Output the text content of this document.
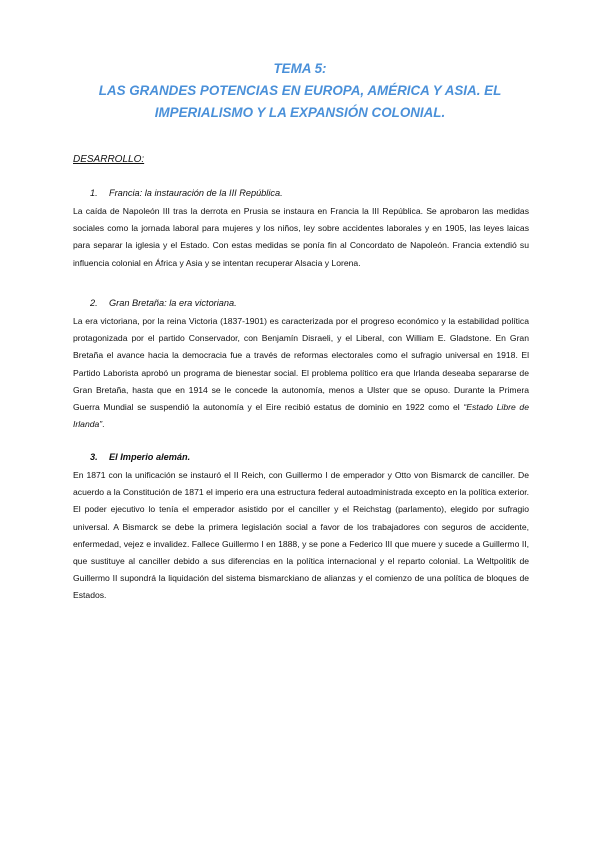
TEMA 5:
LAS GRANDES POTENCIAS EN EUROPA, AMÉRICA Y ASIA. EL
IMPERIALISMO Y LA EXPANSIÓN COLONIAL.
DESARROLLO:
1. Francia: la instauración de la III República.
La caída de Napoleón III tras la derrota en Prusia se instaura en Francia la III República. Se aprobaron las medidas sociales como la jornada laboral para mujeres y los niños, ley sobre accidentes laborales y en 1905, las leyes laicas para separar la iglesia y el Estado. Con estas medidas se ponía fin al Concordato de Napoleón. Francia extendió su influencia colonial en África y Asia y se intentan recuperar Alsacia y Lorena.
2. Gran Bretaña: la era victoriana.
La era victoriana, por la reina Victoria (1837-1901) es caracterizada por el progreso económico y la estabilidad política protagonizada por el partido Conservador, con Benjamín Disraeli, y el Liberal, con William E. Gladstone. En Gran Bretaña el avance hacia la democracia fue a través de reformas electorales como el sufragio universal en 1918. El Partido Laborista aprobó un programa de bienestar social. El problema político era que Irlanda deseaba separarse de Gran Bretaña, hasta que en 1914 se le concede la autonomía, menos a Ulster que se opuso. Durante la Primera Guerra Mundial se suspendió la autonomía y el Eire recibió estatus de dominio en 1922 como el “Estado Libre de Irlanda”.
3. El Imperio alemán.
En 1871 con la unificación se instauró el II Reich, con Guillermo I de emperador y Otto von Bismarck de canciller. De acuerdo a la Constitución de 1871 el imperio era una estructura federal autoadministrada excepto en la política exterior. El poder ejecutivo lo tenía el emperador asistido por el canciller y el Reichstag (parlamento), elegido por sufragio universal. A Bismarck se debe la primera legislación social a favor de los trabajadores con seguros de accidente, enfermedad, vejez e invalidez. Fallece Guillermo I en 1888, y se pone a Federico III que muere y sucede a Guillermo II, que sustituye al canciller debido a sus diferencias en la política internacional y el reparto colonial. La Weltpolitik de Guillermo II supondrá la liquidación del sistema bismarckiano de alianzas y el comienzo de una política de bloques de Estados.
